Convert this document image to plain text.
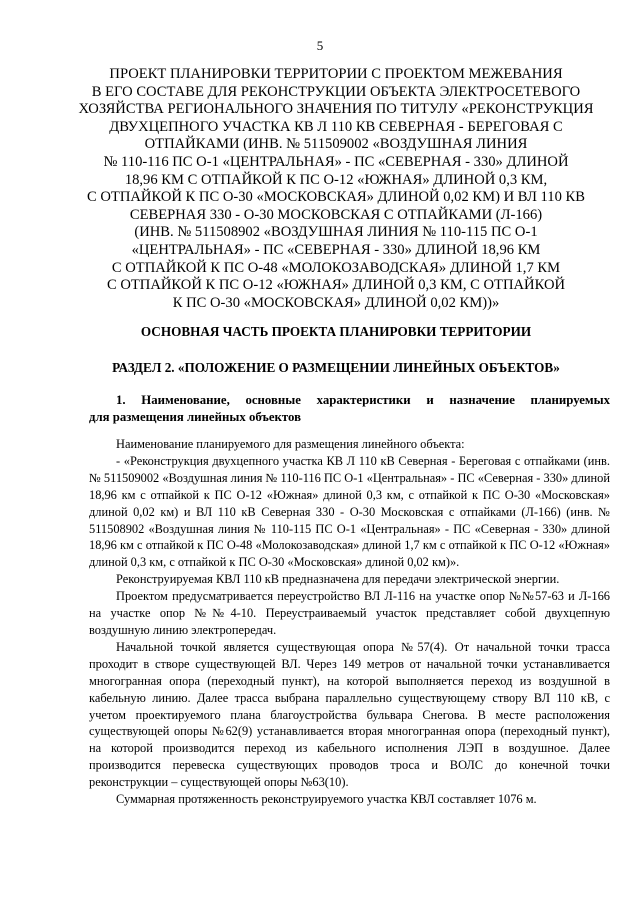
5
ПРОЕКТ ПЛАНИРОВКИ ТЕРРИТОРИИ С ПРОЕКТОМ МЕЖЕВАНИЯ
В ЕГО СОСТАВЕ ДЛЯ РЕКОНСТРУКЦИИ ОБЪЕКТА ЭЛЕКТРОСЕТЕВОГО
ХОЗЯЙСТВА РЕГИОНАЛЬНОГО ЗНАЧЕНИЯ ПО ТИТУЛУ «РЕКОНСТРУКЦИЯ
ДВУХЦЕПНОГО УЧАСТКА КВ Л 110 КВ СЕВЕРНАЯ - БЕРЕГОВАЯ С
ОТПАЙКАМИ (ИНВ. № 511509002 «ВОЗДУШНАЯ ЛИНИЯ
№ 110-116 ПС О-1 «ЦЕНТРАЛЬНАЯ» - ПС «СЕВЕРНАЯ - 330» ДЛИНОЙ
18,96 КМ С ОТПАЙКОЙ К ПС О-12 «ЮЖНАЯ» ДЛИНОЙ 0,3 КМ,
С ОТПАЙКОЙ К ПС О-30 «МОСКОВСКАЯ» ДЛИНОЙ 0,02 КМ) И ВЛ 110 КВ
СЕВЕРНАЯ 330 - О-30 МОСКОВСКАЯ С ОТПАЙКАМИ (Л-166)
(ИНВ. № 511508902 «ВОЗДУШНАЯ ЛИНИЯ № 110-115 ПС О-1
«ЦЕНТРАЛЬНАЯ» - ПС «СЕВЕРНАЯ - 330» ДЛИНОЙ 18,96 КМ
С ОТПАЙКОЙ К ПС О-48 «МОЛОКОЗАВОДСКАЯ» ДЛИНОЙ 1,7 КМ
С ОТПАЙКОЙ К ПС О-12 «ЮЖНАЯ» ДЛИНОЙ 0,3 КМ, С ОТПАЙКОЙ
К ПС О-30 «МОСКОВСКАЯ» ДЛИНОЙ 0,02 КМ))»
ОСНОВНАЯ ЧАСТЬ ПРОЕКТА ПЛАНИРОВКИ ТЕРРИТОРИИ
РАЗДЕЛ 2. «ПОЛОЖЕНИЕ О РАЗМЕЩЕНИИ ЛИНЕЙНЫХ ОБЪЕКТОВ»
1. Наименование, основные характеристики и назначение планируемых
для размещения линейных объектов

Наименование планируемого для размещения линейного объекта:

- «Реконструкция двухцепного участка КВ Л 110 кВ Северная - Береговая с отпайками (инв. № 511509002 «Воздушная линия № 110-116 ПС О-1 «Центральная» - ПС «Северная - 330» длиной 18,96 км с отпайкой к ПС О-12 «Южная» длиной 0,3 км, с отпайкой к ПС О-30 «Московская» длиной 0,02 км) и ВЛ 110 кВ Северная 330 - О-30 Московская с отпайками (Л-166) (инв. № 511508902 «Воздушная линия № 110-115 ПС О-1 «Центральная» - ПС «Северная - 330» длиной 18,96 км с отпайкой к ПС О-48 «Молокозаводская» длиной 1,7 км с отпайкой к ПС О-12 «Южная» длиной 0,3 км, с отпайкой к ПС О-30 «Московская» длиной 0,02 км)».

Реконструируемая КВЛ 110 кВ предназначена для передачи электрической энергии.

Проектом предусматривается переустройство ВЛ Л-116 на участке опор №№57-63 и Л-166 на участке опор №№4-10. Переустраиваемый участок представляет собой двухцепную воздушную линию электропередач.

Начальной точкой является существующая опора №57(4). От начальной точки трасса проходит в створе существующей ВЛ. Через 149 метров от начальной точки устанавливается многогранная опора (переходный пункт), на которой выполняется переход из воздушной в кабельную линию. Далее трасса выбрана параллельно существующему створу ВЛ 110 кВ, с учетом проектируемого плана благоустройства бульвара Снегова. В месте расположения существующей опоры №62(9) устанавливается вторая многогранная опора (переходный пункт), на которой производится переход из кабельного исполнения ЛЭП в воздушное. Далее производится перевеска существующих проводов троса и ВОЛС до конечной точки реконструкции – существующей опоры №63(10).

Суммарная протяженность реконструируемого участка КВЛ составляет 1076 м.
